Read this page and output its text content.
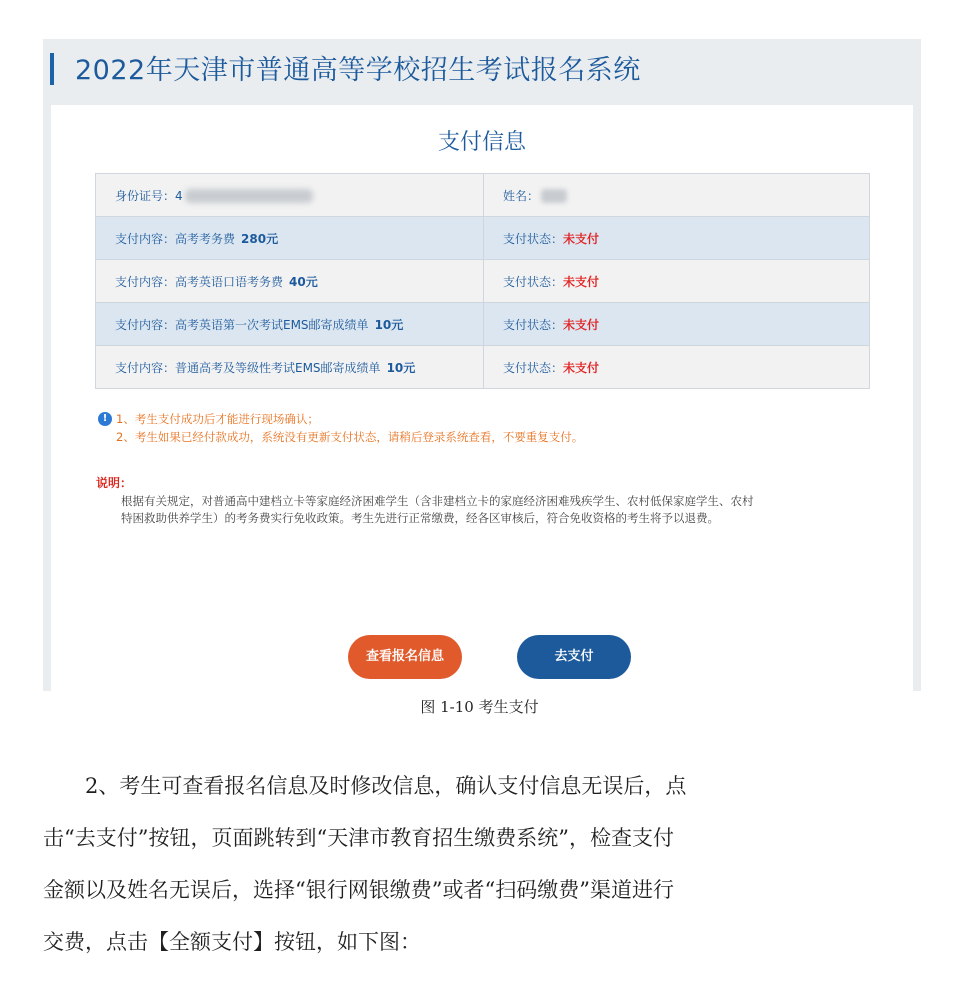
2022年天津市普通高等学校招生考试报名系统
支付信息
身份证号：4	姓名：
支付内容：高考考务费 280元	支付状态：未支付
支付内容：高考英语口语考务费 40元	支付状态：未支付
支付内容：高考英语第一次考试EMS邮寄成绩单 10元	支付状态：未支付
支付内容：普通高考及等级性考试EMS邮寄成绩单 10元	支付状态：未支付
! 1、考生支付成功后才能进行现场确认；
2、考生如果已经付款成功，系统没有更新支付状态，请稍后登录系统查看，不要重复支付。
说明：
根据有关规定，对普通高中建档立卡等家庭经济困难学生（含非建档立卡的家庭经济困难残疾学生、农村低保家庭学生、农村
特困救助供养学生）的考务费实行免收政策。考生先进行正常缴费，经各区审核后，符合免收资格的考生将予以退费。
查看报名信息	去支付
图 1-10 考生支付

2、考生可查看报名信息及时修改信息，确认支付信息无误后，点

击“去支付”按钮，页面跳转到“天津市教育招生缴费系统”，检查支付

金额以及姓名无误后，选择“银行网银缴费”或者“扫码缴费”渠道进行

交费，点击【全额支付】按钮，如下图：
